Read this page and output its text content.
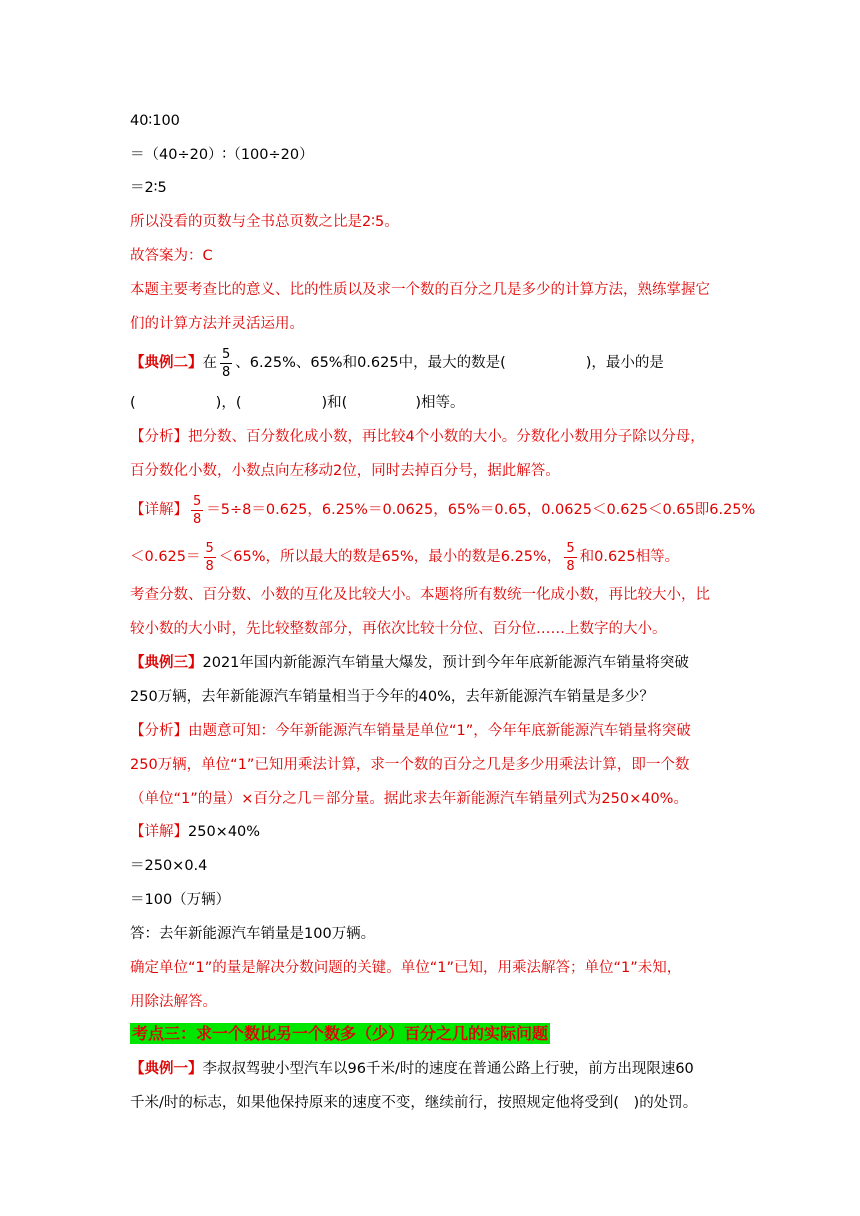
40∶100
＝（40÷20）∶（100÷20）
＝2∶5
所以没看的页数与全书总页数之比是2∶5。
故答案为：C
本题主要考查比的意义、比的性质以及求一个数的百分之几是多少的计算方法，熟练掌握它
们的计算方法并灵活运用。
【典例二】在 $\frac{5}{8}$ 、6.25%、65%和0.625中，最大的数是(	)，最小的是
(	)，(	)和(	)相等。
【分析】把分数、百分数化成小数，再比较4个小数的大小。分数化小数用分子除以分母，
百分数化小数，小数点向左移动2位，同时去掉百分号，据此解答。
【详解】 $\frac{5}{8} =5\div 8=0.625$，6.25%＝0.0625，65%＝0.65，0.0625＜0.625＜0.65即6.25%
$<0.625= \frac{5}{8} <65\%$，所以最大的数是65%，最小的数是6.25%， $\frac{5}{8}$ 和0.625相等。
考查分数、百分数、小数的互化及比较大小。本题将所有数统一化成小数，再比较大小，比
较小数的大小时，先比较整数部分，再依次比较十分位、百分位……上数字的大小。
【典例三】2021年国内新能源汽车销量大爆发，预计到今年年底新能源汽车销量将突破
250万辆，去年新能源汽车销量相当于今年的40%，去年新能源汽车销量是多少？
【分析】由题意可知：今年新能源汽车销量是单位“1”，今年年底新能源汽车销量将突破
250万辆，单位“1”已知用乘法计算，求一个数的百分之几是多少用乘法计算，即一个数
（单位“1”的量）×百分之几＝部分量。据此求去年新能源汽车销量列式为250×40%。
【详解】250×40%
＝250×0.4
＝100（万辆）
答：去年新能源汽车销量是100万辆。
确定单位“1”的量是解决分数问题的关键。单位“1”已知，用乘法解答；单位“1”未知，
用除法解答。
考点三：求一个数比另一个数多（少）百分之几的实际问题
【典例一】李叔叔驾驶小型汽车以96千米/时的速度在普通公路上行驶，前方出现限速60
千米/时的标志，如果他保持原来的速度不变，继续前行，按照规定他将受到(　)的处罚。
